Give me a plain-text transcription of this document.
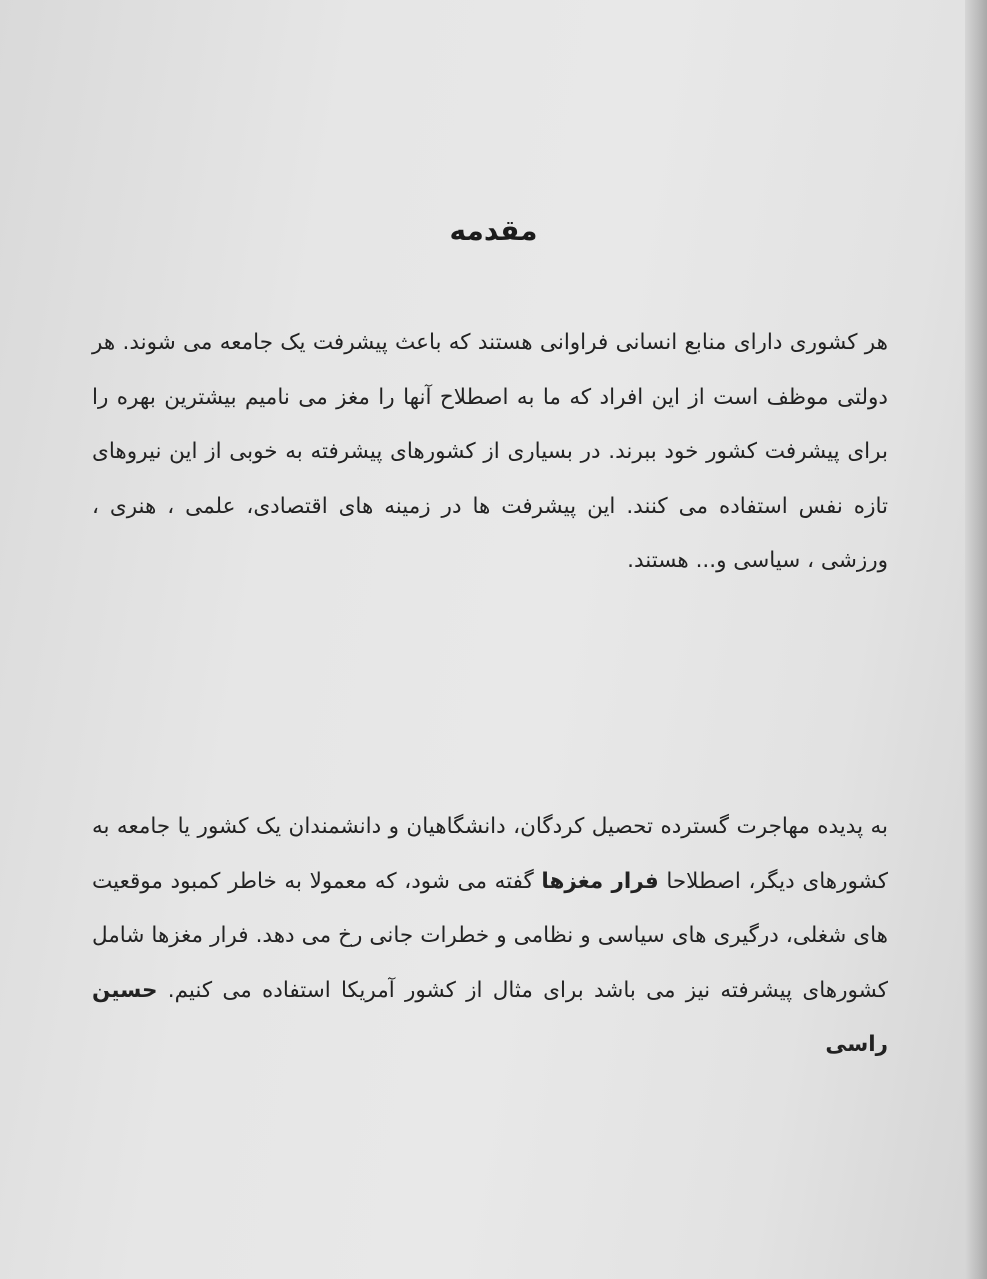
مقدمه

هر کشوری دارای منابع انسانی فراوانی هستند که باعث پیشرفت یک جامعه می شوند. هر دولتی موظف است از این افراد که ما به اصطلاح آنها را مغز می نامیم بیشترین بهره را برای پیشرفت کشور خود ببرند. در بسیاری از کشورهای پیشرفته به خوبی از این نیروهای تازه نفس استفاده می کنند. این پیشرفت ها در زمینه های اقتصادی، علمی ، هنری ، ورزشی ، سیاسی و... هستند.

به پدیده مهاجرت گسترده تحصیل کردگان، دانشگاهیان و دانشمندان یک کشور یا جامعه به کشورهای دیگر، اصطلاحا فرار مغزها گفته می شود، که معمولا به خاطر کمبود موقعیت های شغلی، درگیری های سیاسی و نظامی و خطرات جانی رخ می دهد. فرار مغزها شامل کشورهای پیشرفته نیز می باشد برای مثال از کشور آمریکا استفاده می کنیم. حسین راسی
